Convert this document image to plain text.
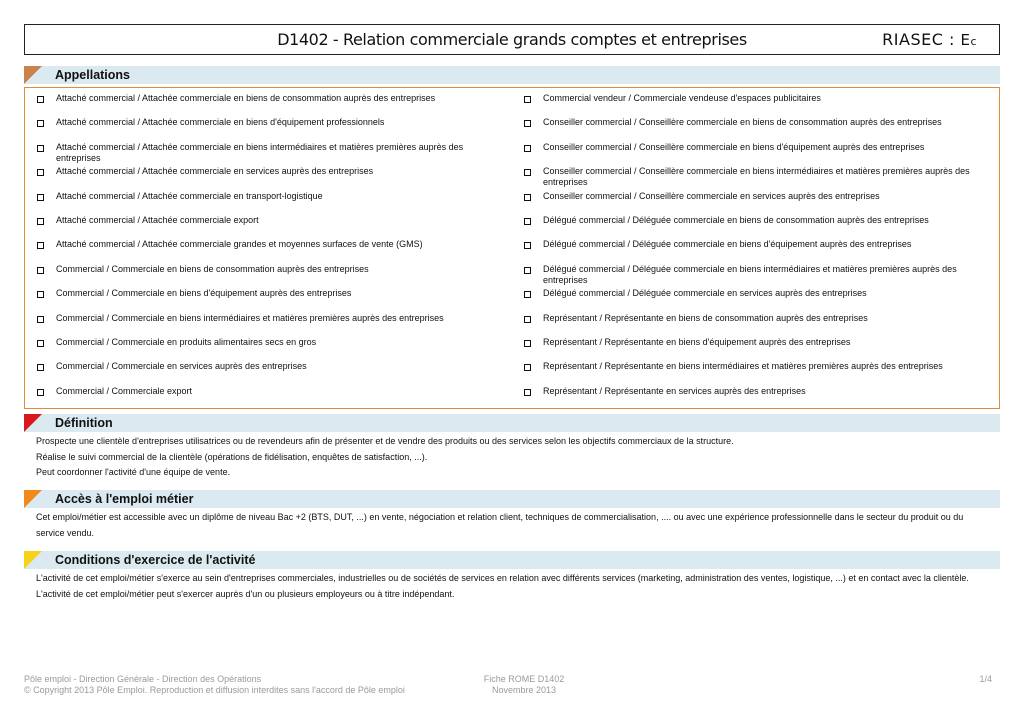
D1402 - Relation commerciale grands comptes et entreprises	RIASEC : Ec
Appellations
Attaché commercial / Attachée commerciale en biens de consommation auprès des entreprises
Attaché commercial / Attachée commerciale en biens d'équipement professionnels
Attaché commercial / Attachée commerciale en biens intermédiaires et matières premières auprès des entreprises
Attaché commercial / Attachée commerciale en services auprès des entreprises
Attaché commercial / Attachée commerciale en transport-logistique
Attaché commercial / Attachée commerciale export
Attaché commercial / Attachée commerciale grandes et moyennes surfaces de vente (GMS)
Commercial / Commerciale en biens de consommation auprès des entreprises
Commercial / Commerciale en biens d'équipement auprès des entreprises
Commercial / Commerciale en biens intermédiaires et matières premières auprès des entreprises
Commercial / Commerciale en produits alimentaires secs en gros
Commercial / Commerciale en services auprès des entreprises
Commercial / Commerciale export
Commercial vendeur / Commerciale vendeuse d'espaces publicitaires
Conseiller commercial / Conseillère commerciale en biens de consommation auprès des entreprises
Conseiller commercial / Conseillère commerciale en biens d'équipement auprès des entreprises
Conseiller commercial / Conseillère commerciale en biens intermédiaires et matières premières auprès des entreprises
Conseiller commercial / Conseillère commerciale en services auprès des entreprises
Délégué commercial / Déléguée commerciale en biens de consommation auprès des entreprises
Délégué commercial / Déléguée commerciale en biens d'équipement auprès des entreprises
Délégué commercial / Déléguée commerciale en biens intermédiaires et matières premières auprès des entreprises
Délégué commercial / Déléguée commerciale en services auprès des entreprises
Représentant / Représentante en biens de consommation auprès des entreprises
Représentant / Représentante en biens d'équipement auprès des entreprises
Représentant / Représentante en biens intermédiaires et matières premières auprès des entreprises
Représentant / Représentante en services auprès des entreprises
Définition
Prospecte une clientèle d'entreprises utilisatrices ou de revendeurs afin de présenter et de vendre des produits ou des services selon les objectifs commerciaux de la structure.
Réalise le suivi commercial de la clientèle (opérations de fidélisation, enquêtes de satisfaction, ...).
Peut coordonner l'activité d'une équipe de vente.
Accès à l'emploi métier
Cet emploi/métier est accessible avec un diplôme de niveau Bac +2 (BTS, DUT, ...) en vente, négociation et relation client, techniques de commercialisation, .... ou avec une expérience professionnelle dans le secteur du produit ou du service vendu.
Conditions d'exercice de l'activité
L'activité de cet emploi/métier s'exerce au sein d'entreprises commerciales, industrielles ou de sociétés de services en relation avec différents services (marketing, administration des ventes, logistique, ...) et en contact avec la clientèle.
L'activité de cet emploi/métier peut s'exercer auprès d'un ou plusieurs employeurs ou à titre indépendant.
Pôle emploi - Direction Générale - Direction des Opérations
© Copyright 2013 Pôle Emploi. Reproduction et diffusion interdites sans l'accord de Pôle emploi
Fiche ROME D1402
Novembre 2013
1/4
